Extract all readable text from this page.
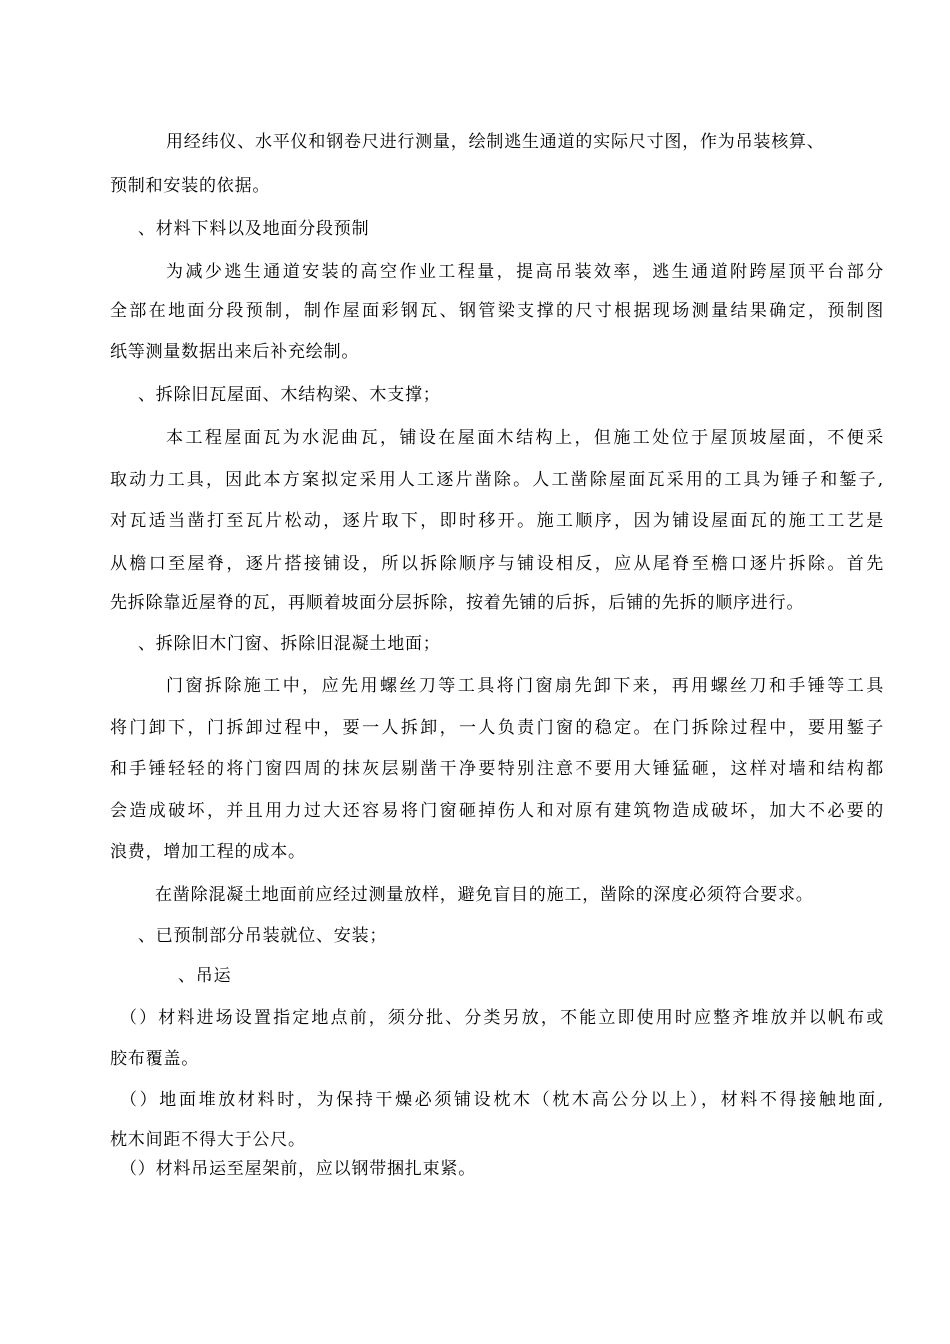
用经纬仪、水平仪和钢卷尺进行测量，绘制逃生通道的实际尺寸图，作为吊装核算、
预制和安装的依据。
、材料下料以及地面分段预制
为减少逃生通道安装的高空作业工程量，提高吊装效率，逃生通道附跨屋顶平台部分
全部在地面分段预制，制作屋面彩钢瓦、钢管梁支撑的尺寸根据现场测量结果确定，预制图
纸等测量数据出来后补充绘制。
、拆除旧瓦屋面、木结构梁、木支撑；
本工程屋面瓦为水泥曲瓦，铺设在屋面木结构上，但施工处位于屋顶坡屋面，不便采
取动力工具，因此本方案拟定采用人工逐片凿除。人工凿除屋面瓦采用的工具为锤子和錾子,
对瓦适当凿打至瓦片松动，逐片取下，即时移开。施工顺序，因为铺设屋面瓦的施工工艺是
从檐口至屋脊，逐片搭接铺设，所以拆除顺序与铺设相反，应从尾脊至檐口逐片拆除。首先
先拆除靠近屋脊的瓦，再顺着坡面分层拆除，按着先铺的后拆，后铺的先拆的顺序进行。
、拆除旧木门窗、拆除旧混凝土地面；
门窗拆除施工中，应先用螺丝刀等工具将门窗扇先卸下来，再用螺丝刀和手锤等工具
将门卸下，门拆卸过程中，要一人拆卸，一人负责门窗的稳定。在门拆除过程中，要用錾子
和手锤轻轻的将门窗四周的抹灰层剔凿干净要特别注意不要用大锤猛砸，这样对墙和结构都
会造成破坏，并且用力过大还容易将门窗砸掉伤人和对原有建筑物造成破坏，加大不必要的
浪费，增加工程的成本。
在凿除混凝土地面前应经过测量放样，避免盲目的施工，凿除的深度必须符合要求。
、已预制部分吊装就位、安装；
、吊运
（）材料进场设置指定地点前，须分批、分类另放，不能立即使用时应整齐堆放并以帆布或
胶布覆盖。
（）地面堆放材料时，为保持干燥必须铺设枕木（枕木高公分以上），材料不得接触地面,
枕木间距不得大于公尺。
（）材料吊运至屋架前，应以钢带捆扎束紧。
